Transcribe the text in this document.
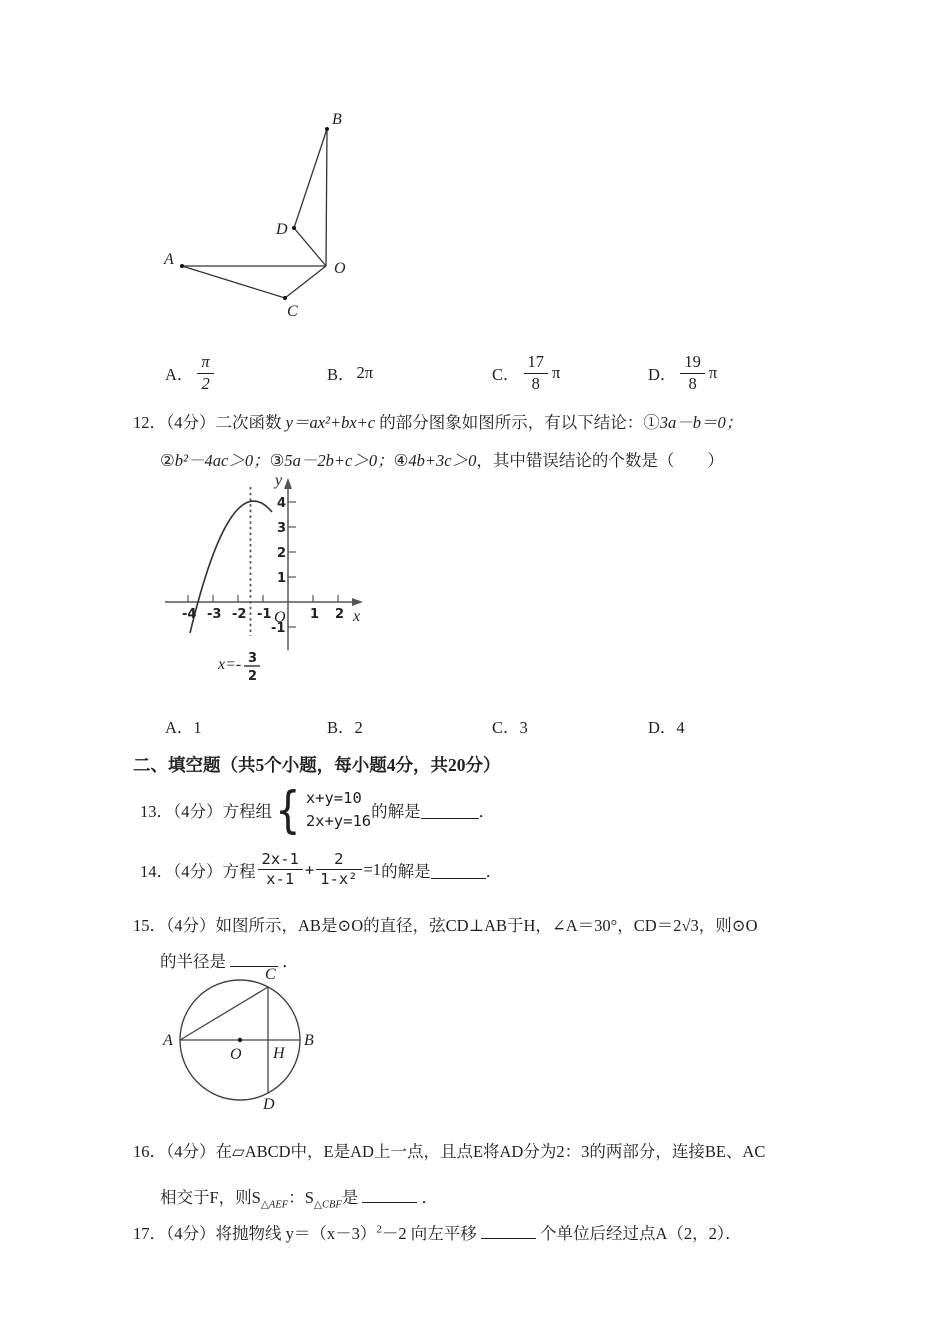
B
D
A
O
C
A． $\frac{\pi}{2}$	B． 2π	C． $\frac{17}{8}$ π	D． $\frac{19}{8}$ π
12．（4分）二次函数 y＝ax²+bx+c 的部分图象如图所示，有以下结论：①3a－b＝0；
②b²－4ac＞0；③5a－2b+c＞0；④4b+3c＞0，其中错误结论的个数是（　　）
-4 -3 -2 -1	1 2
O	x
y
4
3
2
1
-1
x=- 3
2
A．1	B．2	C．3	D．4
二、填空题（共5个小题，每小题4分，共20分）
13．（4分）方程组 { x+y=10
2x+y=16 的解是	．
14．（4分）方程 $\frac{2x-1}{x-1} + \frac{2}{\text{1-x²}} =1$ 的解是	．
15．（4分）如图所示，AB是⊙O的直径，弦CD⊥AB于H，∠A＝30°，CD＝2√3，则⊙O
的半径是	．
A	B
C
D
O H
16．（4分）在▱ABCD中，E是AD上一点，且点E将AD分为2：3的两部分，连接BE、AC
相交于F，则$S_{\triangle AEF}$：$S_{\triangle CBF}$是	．
17．（4分）将抛物线 $y=(x-3)^2-2$ 向左平移	个单位后经过点A（2，2）．
